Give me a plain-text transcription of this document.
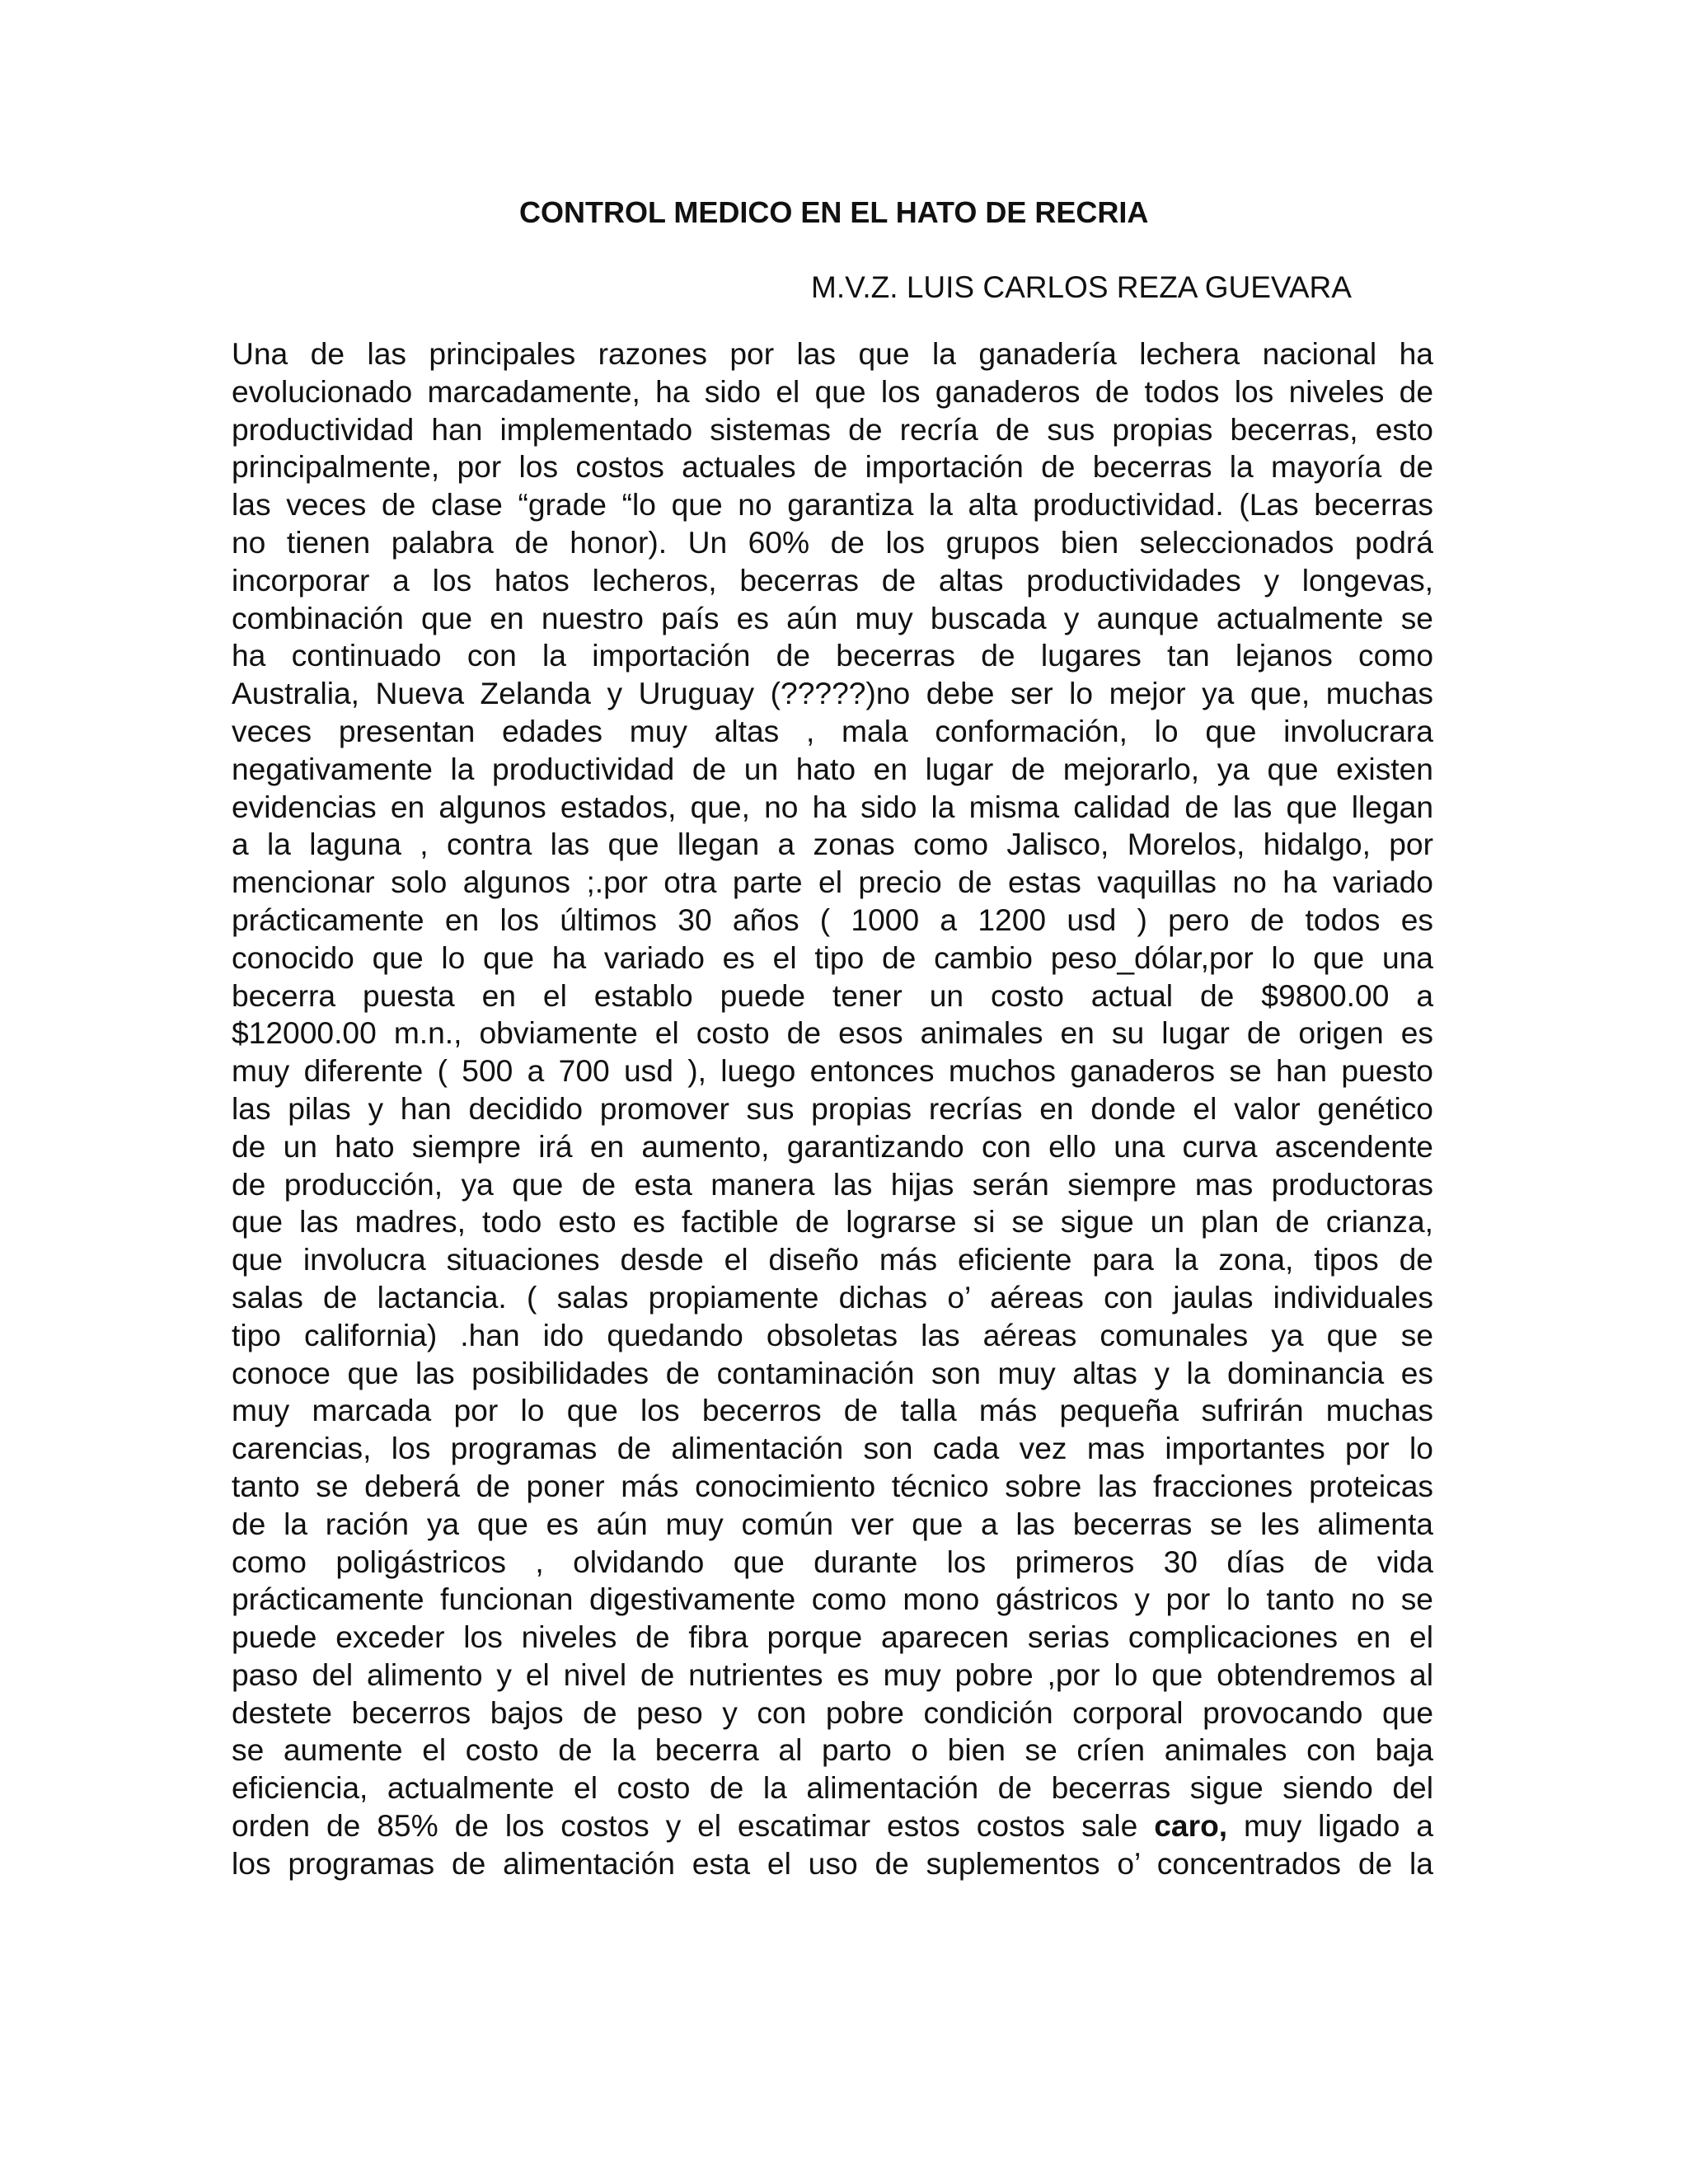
CONTROL MEDICO EN EL HATO DE RECRIA
M.V.Z. LUIS CARLOS REZA GUEVARA
Una de las principales razones por las que la ganadería lechera nacional ha
evolucionado marcadamente, ha sido el que los ganaderos de todos los niveles de
productividad han implementado sistemas de recría de sus propias becerras, esto
principalmente, por los costos actuales de importación de becerras la mayoría de
las veces de clase “grade “lo que no garantiza la alta productividad. (Las becerras
no tienen palabra de honor). Un 60% de los grupos bien seleccionados podrá
incorporar a los hatos lecheros, becerras de altas productividades y longevas,
combinación que en nuestro país es aún muy buscada y aunque actualmente se
ha continuado con la importación de becerras de lugares tan lejanos como
Australia, Nueva Zelanda y Uruguay (?????)no debe ser lo mejor ya que, muchas
veces presentan edades muy altas , mala conformación, lo que involucrara
negativamente la productividad de un hato en lugar de mejorarlo, ya que existen
evidencias en algunos estados, que, no ha sido la misma calidad de las que llegan
a la laguna , contra las que llegan a zonas como Jalisco, Morelos, hidalgo, por
mencionar solo algunos ;.por otra parte el precio de estas vaquillas no ha variado
prácticamente en los últimos 30 años ( 1000 a 1200 usd ) pero de todos es
conocido que lo que ha variado es el tipo de cambio peso_dólar,por lo que una
becerra puesta en el establo puede tener un costo actual de $9800.00 a
$12000.00 m.n., obviamente el costo de esos animales en su lugar de origen es
muy diferente ( 500 a 700 usd ), luego entonces muchos ganaderos se han puesto
las pilas y han decidido promover sus propias recrías en donde el valor genético
de un hato siempre irá en aumento, garantizando con ello una curva ascendente
de producción, ya que de esta manera las hijas serán siempre mas productoras
que las madres, todo esto es factible de lograrse si se sigue un plan de crianza,
que involucra situaciones desde el diseño más eficiente para la zona, tipos de
salas de lactancia. ( salas propiamente dichas o’ aéreas con jaulas individuales
tipo california) .han ido quedando obsoletas las aéreas comunales ya que se
conoce que las posibilidades de contaminación son muy altas y la dominancia es
muy marcada por lo que los becerros de talla más pequeña sufrirán muchas
carencias, los programas de alimentación son cada vez mas importantes por lo
tanto se deberá de poner más conocimiento técnico sobre las fracciones proteicas
de la ración ya que es aún muy común ver que a las becerras se les alimenta
como poligástricos , olvidando que durante los primeros 30 días de vida
prácticamente funcionan digestivamente como mono gástricos y por lo tanto no se
puede exceder los niveles de fibra porque aparecen serias complicaciones en el
paso del alimento y el nivel de nutrientes es muy pobre ,por lo que obtendremos al
destete becerros bajos de peso y con pobre condición corporal provocando que
se aumente el costo de la becerra al parto o bien se críen animales con baja
eficiencia, actualmente el costo de la alimentación de becerras sigue siendo del
orden de 85% de los costos y el escatimar estos costos sale caro, muy ligado a
los programas de alimentación esta el uso de suplementos o’ concentrados de la
